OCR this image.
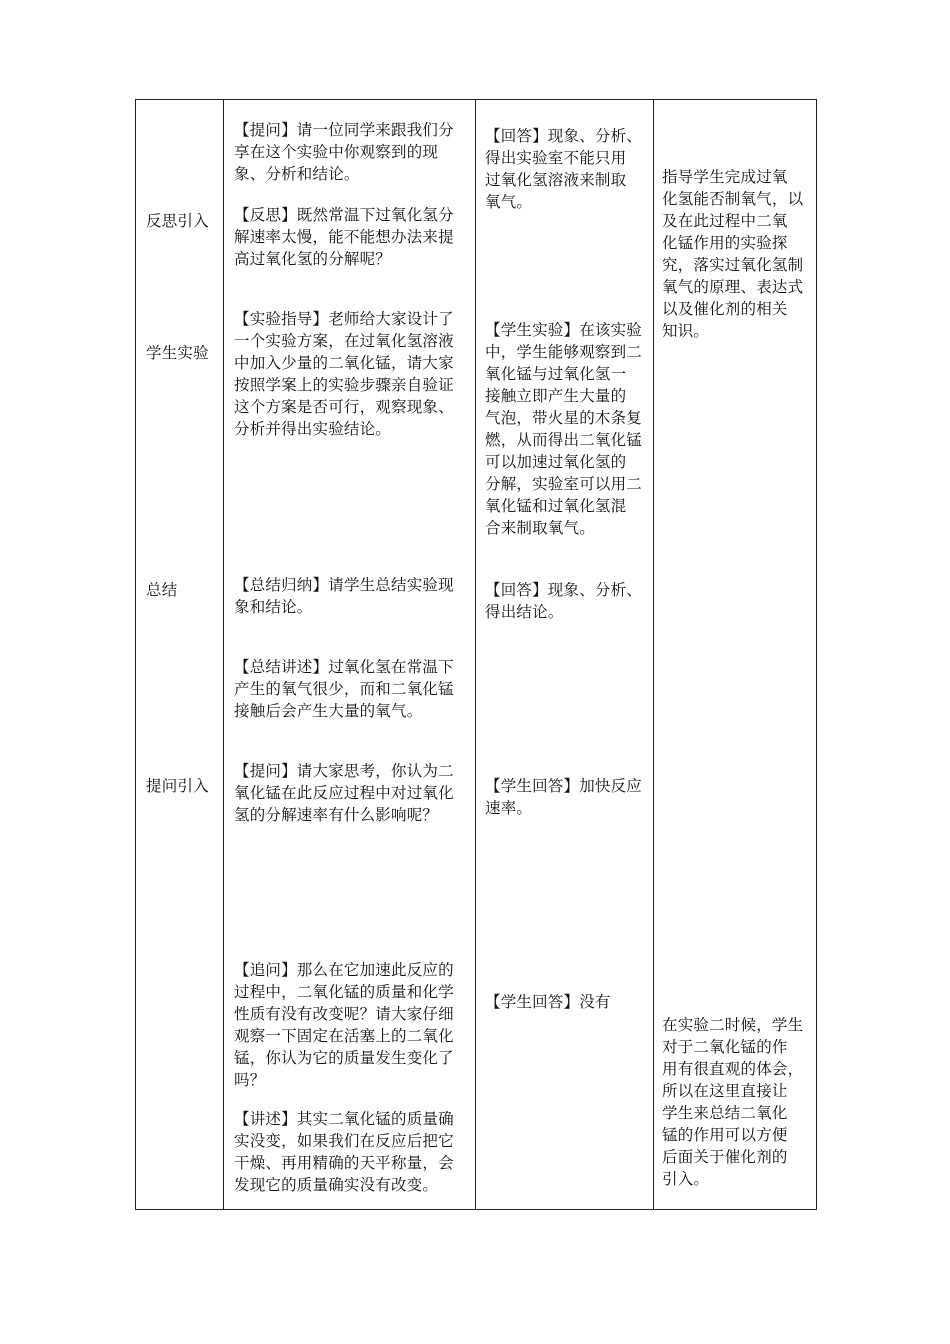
反思引入
学生实验
总结
提问引入
【提问】请一位同学来跟我们分
享在这个实验中你观察到的现
象、分析和结论。
【反思】既然常温下过氧化氢分
解速率太慢，能不能想办法来提
高过氧化氢的分解呢？
【实验指导】老师给大家设计了
一个实验方案，在过氧化氢溶液
中加入少量的二氧化锰，请大家
按照学案上的实验步骤亲自验证
这个方案是否可行，观察现象、
分析并得出实验结论。
【总结归纳】请学生总结实验现
象和结论。
【总结讲述】过氧化氢在常温下
产生的氧气很少，而和二氧化锰
接触后会产生大量的氧气。
【提问】请大家思考，你认为二
氧化锰在此反应过程中对过氧化
氢的分解速率有什么影响呢？
【追问】那么在它加速此反应的
过程中，二氧化锰的质量和化学
性质有没有改变呢？请大家仔细
观察一下固定在活塞上的二氧化
锰，你认为它的质量发生变化了
吗？
【讲述】其实二氧化锰的质量确
实没变，如果我们在反应后把它
干燥、再用精确的天平称量，会
发现它的质量确实没有改变。
【回答】现象、分析、
得出实验室不能只用
过氧化氢溶液来制取
氧气。
【学生实验】在该实验
中，学生能够观察到二
氧化锰与过氧化氢一
接触立即产生大量的
气泡，带火星的木条复
燃，从而得出二氧化锰
可以加速过氧化氢的
分解，实验室可以用二
氧化锰和过氧化氢混
合来制取氧气。
【回答】现象、分析、
得出结论。
【学生回答】加快反应
速率。
【学生回答】没有
指导学生完成过氧
化氢能否制氧气，以
及在此过程中二氧
化锰作用的实验探
究，落实过氧化氢制
氧气的原理、表达式
以及催化剂的相关
知识。
在实验二时候，学生
对于二氧化锰的作
用有很直观的体会，
所以在这里直接让
学生来总结二氧化
锰的作用可以方便
后面关于催化剂的
引入。
